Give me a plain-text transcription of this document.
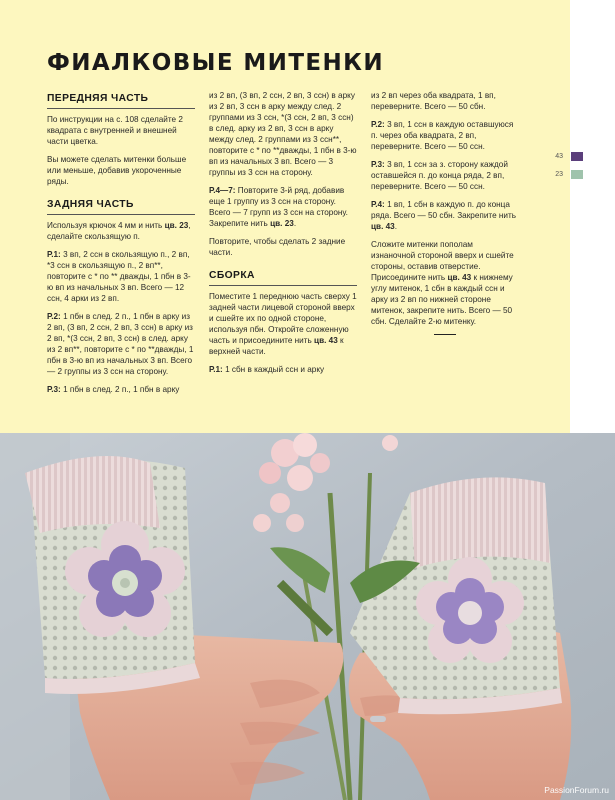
ФИАЛКОВЫЕ МИТЕНКИ
ПЕРЕДНЯЯ ЧАСТЬ

По инструкции на с. 108 сделайте 2 квадрата с внутренней и внешней части цветка.

Вы можете сделать митенки больше или меньше, добавив укороченные ряды.

ЗАДНЯЯ ЧАСТЬ

Используя крючок 4 мм и нить цв. 23, сделайте скользящую п.

Р.1: 3 вп, 2 ссн в скользящую п., 2 вп, *3 ссн в скользящую п., 2 вп**, повторите с * по ** дважды, 1 пбн в 3-ю вп из начальных 3 вп. Всего — 12 ссн, 4 арки из 2 вп.

Р.2: 1 пбн в след. 2 п., 1 пбн в арку из 2 вп, (3 вп, 2 ссн, 2 вп, 3 ссн) в арку из 2 вп, *(3 ссн, 2 вп, 3 ссн) в след. арку из 2 вп**, повторите с * по **дважды, 1 пбн в 3-ю вп из начальных 3 вп. Всего — 2 группы из 3 ссн на сторону.

Р.3: 1 пбн в след. 2 п., 1 пбн в арку

из 2 вп, (3 вп, 2 ссн, 2 вп, 3 ссн) в арку из 2 вп, 3 ссн в арку между след. 2 группами из 3 ссн, *(3 ссн, 2 вп, 3 ссн) в след. арку из 2 вп, 3 ссн в арку между след. 2 группами из 3 ссн**, повторите с * по **дважды, 1 пбн в 3-ю вп из начальных 3 вп. Всего — 3 группы из 3 ссн на сторону.

Р.4—7: Повторите 3-й ряд, добавив еще 1 группу из 3 ссн на сторону. Всего — 7 групп из 3 ссн на сторону. Закрепите нить цв. 23.

Повторите, чтобы сделать 2 задние части.

СБОРКА

Поместите 1 переднюю часть сверху 1 задней части лицевой стороной вверх и сшейте их по одной стороне, используя пбн. Откройте сложенную часть и присоедините нить цв. 43 к верхней части.

Р.1: 1 сбн в каждый ссн и арку

из 2 вп через оба квадрата, 1 вп, переверните. Всего — 50 сбн.

Р.2: 3 вп, 1 ссн в каждую оставшуюся п. через оба квадрата, 2 вп, переверните. Всего — 50 ссн.

Р.3: 3 вп, 1 ссн за з. сторону каждой оставшейся п. до конца ряда, 2 вп, переверните. Всего — 50 ссн.

Р.4: 1 вп, 1 сбн в каждую п. до конца ряда. Всего — 50 сбн. Закрепите нить цв. 43.

Сложите митенки пополам изнаночной стороной вверх и сшейте стороны, оставив отверстие. Присоедините нить цв. 43 к нижнему углу митенок, 1 сбн в каждый ссн и арку из 2 вп по нижней стороне митенок, закрепите нить. Всего — 50 сбн. Сделайте 2-ю митенку.

43
23
PassionForum.ru
